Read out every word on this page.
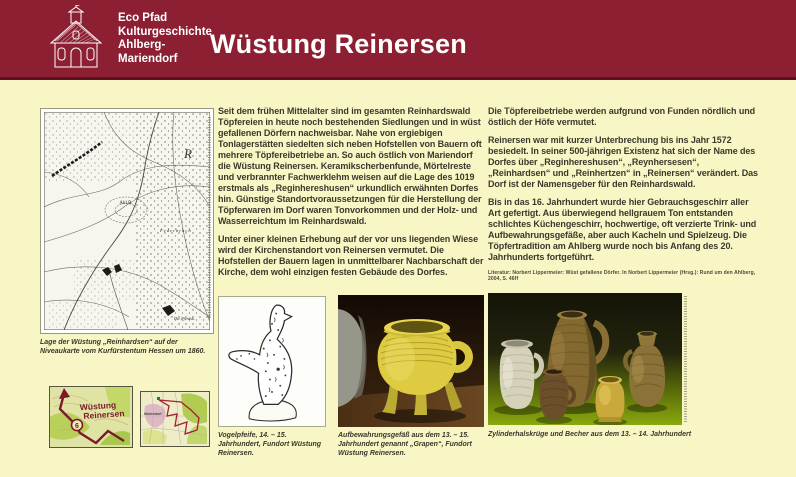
Eco Pfad
Kulturgeschichte
Ahlberg-
Mariendorf	Wüstung Reinersen
Ahl B.
R
Federbruch
Die Pferdsk.
Lage der Wüstung „Reinhardsen“ auf der Niveaukarte vom Kurfürstentum Hessen um 1860.
6
Wüstung
Reinersen	Mariendorf

Seit dem frühen Mittelalter sind im gesamten Reinhardswald Töpfereien in heute noch bestehenden Siedlungen und in wüst gefallenen Dörfern nachweisbar. Nahe von ergiebigen Tonlagerstätten siedelten sich neben Hofstellen von Bauern oft mehrere Töpfereibetriebe an. So auch östlich von Mariendorf die Wüstung Reinersen. Keramikscherbenfunde, Mörtelreste und verbrannter Fachwerklehm weisen auf die Lage des 1019 erstmals als „Reginhereshusen“ urkundlich erwähnten Dorfes hin. Günstige Standortvoraussetzungen für die Herstellung der Töpferwaren im Dorf waren Tonvorkommen und der Holz- und Wasserreichtum im Reinhardswald.

Unter einer kleinen Erhebung auf der vor uns liegenden Wiese wird der Kirchenstandort von Reinersen vermutet. Die Hofstellen der Bauern lagen in unmittelbarer Nachbarschaft der Kirche, dem wohl einzigen festen Gebäude des Dorfes.

Die Töpfereibetriebe werden aufgrund von Funden nördlich und östlich der Höfe vermutet.

Reinersen war mit kurzer Unterbrechung bis ins Jahr 1572 besiedelt. In seiner 500-jährigen Existenz hat sich der Name des Dorfes über „Reginhereshusen“, „Reynhersesen“, „Reinhardsen“ und „Reinhertzen“ in „Reinersen“ verändert. Das Dorf ist der Namensgeber für den Reinhardswald.

Bis in das 16. Jahrhundert wurde hier Gebrauchsgeschirr aller Art gefertigt. Aus überwiegend hellgrauem Ton entstanden schlichtes Küchengeschirr, hochwertige, oft verzierte Trink- und Aufbewahrungsgefäße, aber auch Kacheln und Spielzeug. Die Töpfertradition am Ahlberg wurde noch bis Anfang des 20. Jahrhunderts fortgeführt.

Literatur: Norbert Lippermeier: Wüst gefallene Dörfer. In Norbert Lippermeier (Hrsg.): Rund um den Ahlberg, 2004, S. 46ff
Vogelpfeife, 14. – 15. Jahrhundert, Fundort Wüstung Reinersen.
Aufbewahrungsgefäß aus dem 13. – 15. Jahrhundert genannt „Grapen“, Fundort Wüstung Reinersen.
Zylinderhalskrüge und Becher aus dem 13. – 14. Jahrhundert
